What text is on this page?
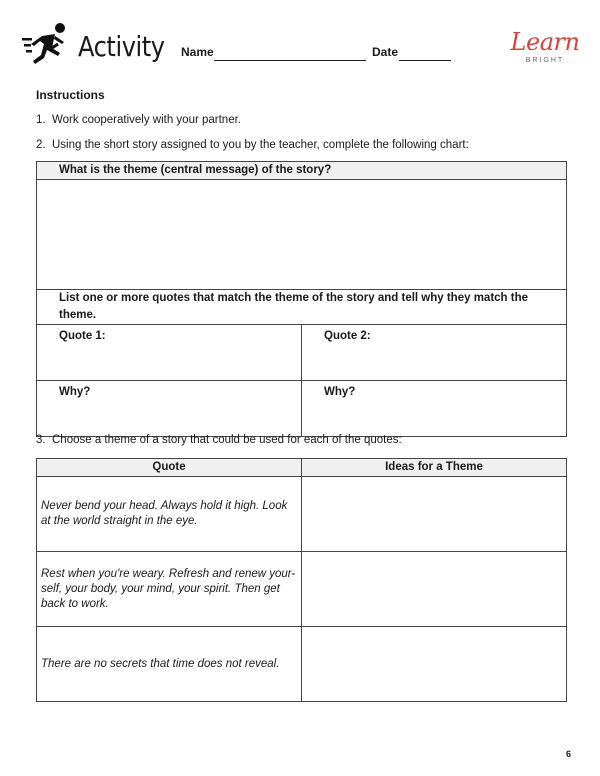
Activity Name	Date	Learn
BRIGHT
Instructions
1. Work cooperatively with your partner.
2. Using the short story assigned to you by the teacher, complete the following chart:
What is the theme (central message) of the story?	

List one or more quotes that match the theme of the story and tell why they match the theme.	
Quote 1:	Quote 2:
Why?	Why?
3. Choose a theme of a story that could be used for each of the quotes:
Quote	Ideas for a Theme
Never bend your head. Always hold it high. Look at the world straight in the eye.	
Rest when you're weary. Refresh and renew your-self, your body, your mind, your spirit. Then get back to work.	
There are no secrets that time does not reveal.	
6
